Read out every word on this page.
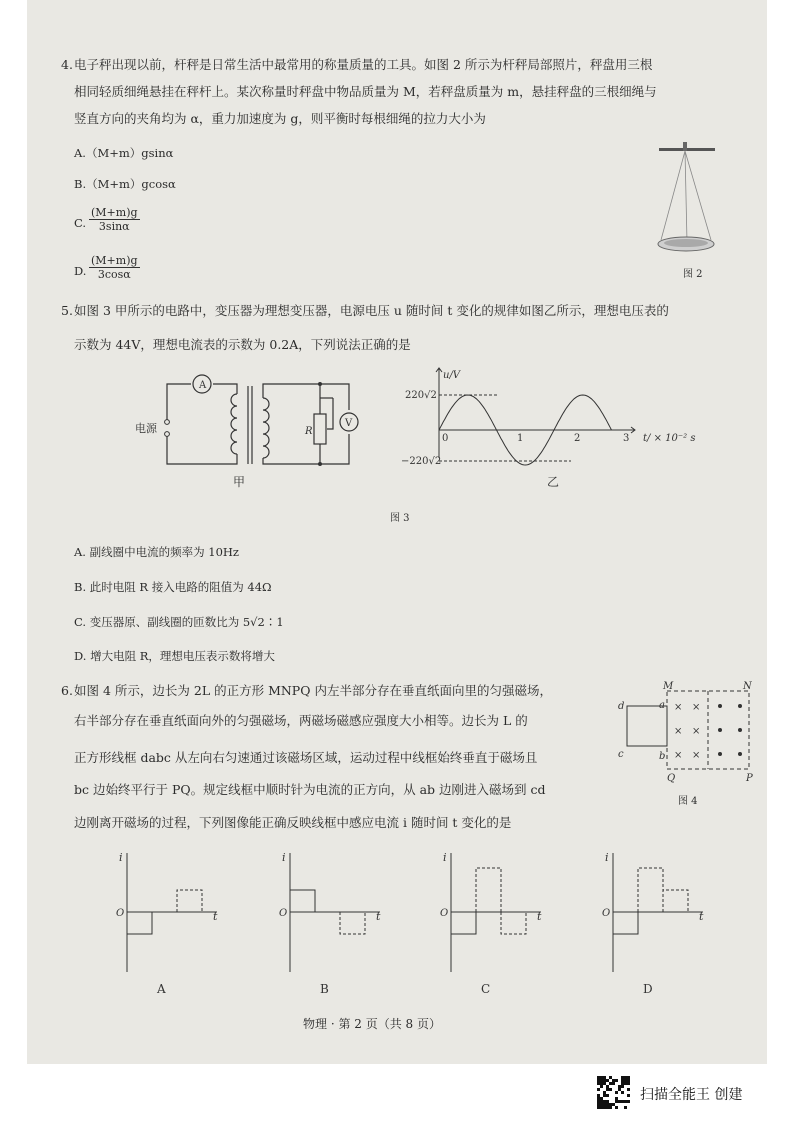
4. 电子秤出现以前，杆秤是日常生活中最常用的称量质量的工具。如图 2 所示为杆秤局部照片，秤盘用三根
相同轻质细绳悬挂在秤杆上。某次称量时秤盘中物品质量为 M，若秤盘质量为 m，悬挂秤盘的三根细绳与
竖直方向的夹角均为 α，重力加速度为 g，则平衡时每根细绳的拉力大小为
A.（M+m）gsinα
B.（M+m）gcosα
C. $\frac{(M+m)g}{3\sin\alpha}$
D. $\frac{(M+m)g}{3\cos\alpha}$	图 2
5. 如图 3 甲所示的电路中，变压器为理想变压器，电源电压 u 随时间 t 变化的规律如图乙所示，理想电压表的
示数为 44V，理想电流表的示数为 0.2A，下列说法正确的是
电源
A
V
R
甲
u/V
220√2
−220√2
0	1	2	3 t/ × 10⁻² s
乙
图 3
A. 副线圈中电流的频率为 10Hz
B. 此时电阻 R 接入电路的阻值为 44Ω
C. 变压器原、副线圈的匝数比为 5√2∶1
D. 增大电阻 R，理想电压表示数将增大
6. 如图 4 所示，边长为 2L 的正方形 MNPQ 内左半部分存在垂直纸面向里的匀强磁场，
右半部分存在垂直纸面向外的匀强磁场，两磁场磁感应强度大小相等。边长为 L 的
正方形线框 dabc 从左向右匀速通过该磁场区域，运动过程中线框始终垂直于磁场且
bc 边始终平行于 PQ。规定线框中顺时针为电流的正方向，从 ab 边刚进入磁场到 cd
边刚离开磁场的过程，下列图像能正确反映线框中感应电流 i 随时间 t 变化的是
× ×
× ×
× ×
M	N
P
Q
d	a
b
c
图 4
i
t
O
A
i
t
O
B
i
t
O
C
i
t
O
D
物理 · 第 2 页（共 8 页）
扫描全能王 创建
